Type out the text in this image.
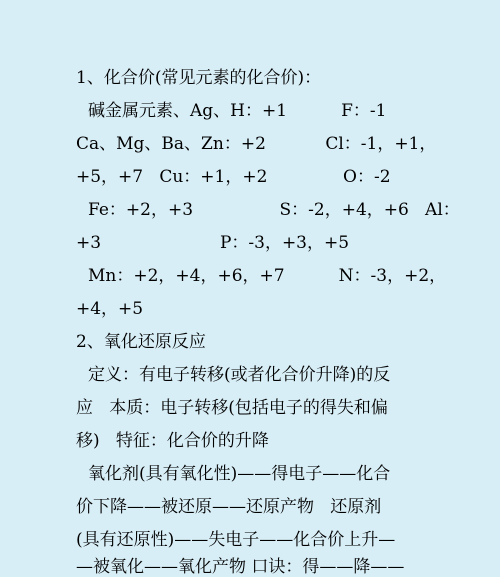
1、化合价(常见元素的化合价)：
碱金属元素、Ag、H：+1          F：-1
Ca、Mg、Ba、Zn：+2           Cl：-1，+1，
+5，+7   Cu：+1，+2              O：-2
Fe：+2，+3                S：-2，+4，+6   Al：
+3                      P：-3，+3，+5
Mn：+2，+4，+6，+7          N：-3，+2，
+4，+5
2、氧化还原反应
定义：有电子转移(或者化合价升降)的反
应   本质：电子转移(包括电子的得失和偏
移)   特征：化合价的升降
氧化剂(具有氧化性)——得电子——化合
价下降——被还原——还原产物   还原剂
(具有还原性)——失电子——化合价上升—
—被氧化——氧化产物 口诀：得——降——
